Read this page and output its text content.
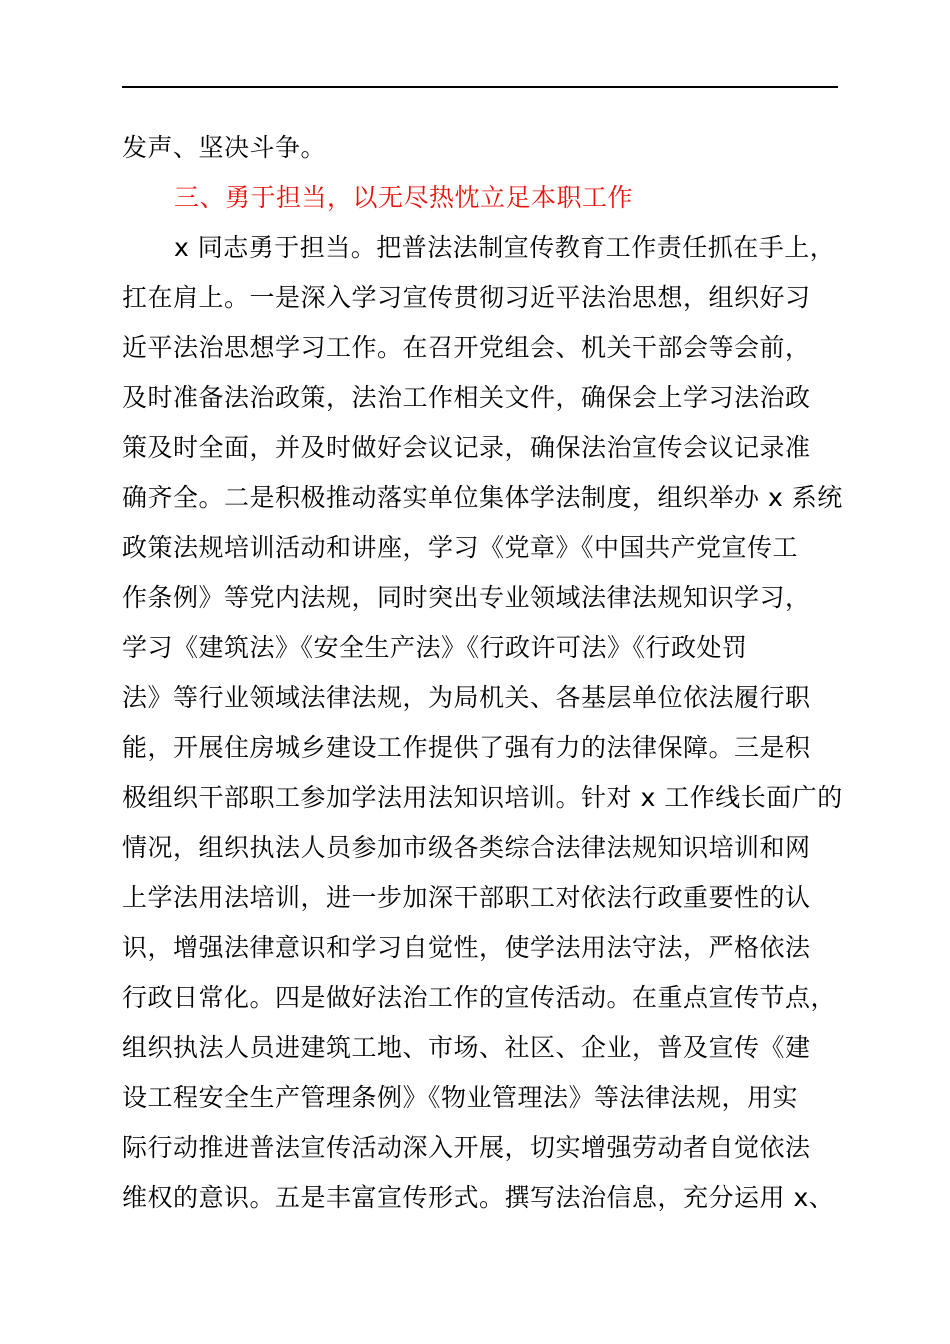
发声、坚决斗争。
三、勇于担当，以无尽热忱立足本职工作
x 同志勇于担当。把普法法制宣传教育工作责任抓在手上，
扛在肩上。一是深入学习宣传贯彻习近平法治思想，组织好习
近平法治思想学习工作。在召开党组会、机关干部会等会前，
及时准备法治政策，法治工作相关文件，确保会上学习法治政
策及时全面，并及时做好会议记录，确保法治宣传会议记录准
确齐全。二是积极推动落实单位集体学法制度，组织举办 x 系统
政策法规培训活动和讲座，学习《党章》《中国共产党宣传工
作条例》等党内法规，同时突出专业领域法律法规知识学习，
学习《建筑法》《安全生产法》《行政许可法》《行政处罚
法》等行业领域法律法规，为局机关、各基层单位依法履行职
能，开展住房城乡建设工作提供了强有力的法律保障。三是积
极组织干部职工参加学法用法知识培训。针对 x 工作线长面广的
情况，组织执法人员参加市级各类综合法律法规知识培训和网
上学法用法培训，进一步加深干部职工对依法行政重要性的认
识，增强法律意识和学习自觉性，使学法用法守法，严格依法
行政日常化。四是做好法治工作的宣传活动。在重点宣传节点，
组织执法人员进建筑工地、市场、社区、企业，普及宣传《建
设工程安全生产管理条例》《物业管理法》等法律法规，用实
际行动推进普法宣传活动深入开展，切实增强劳动者自觉依法
维权的意识。五是丰富宣传形式。撰写法治信息，充分运用 x、
